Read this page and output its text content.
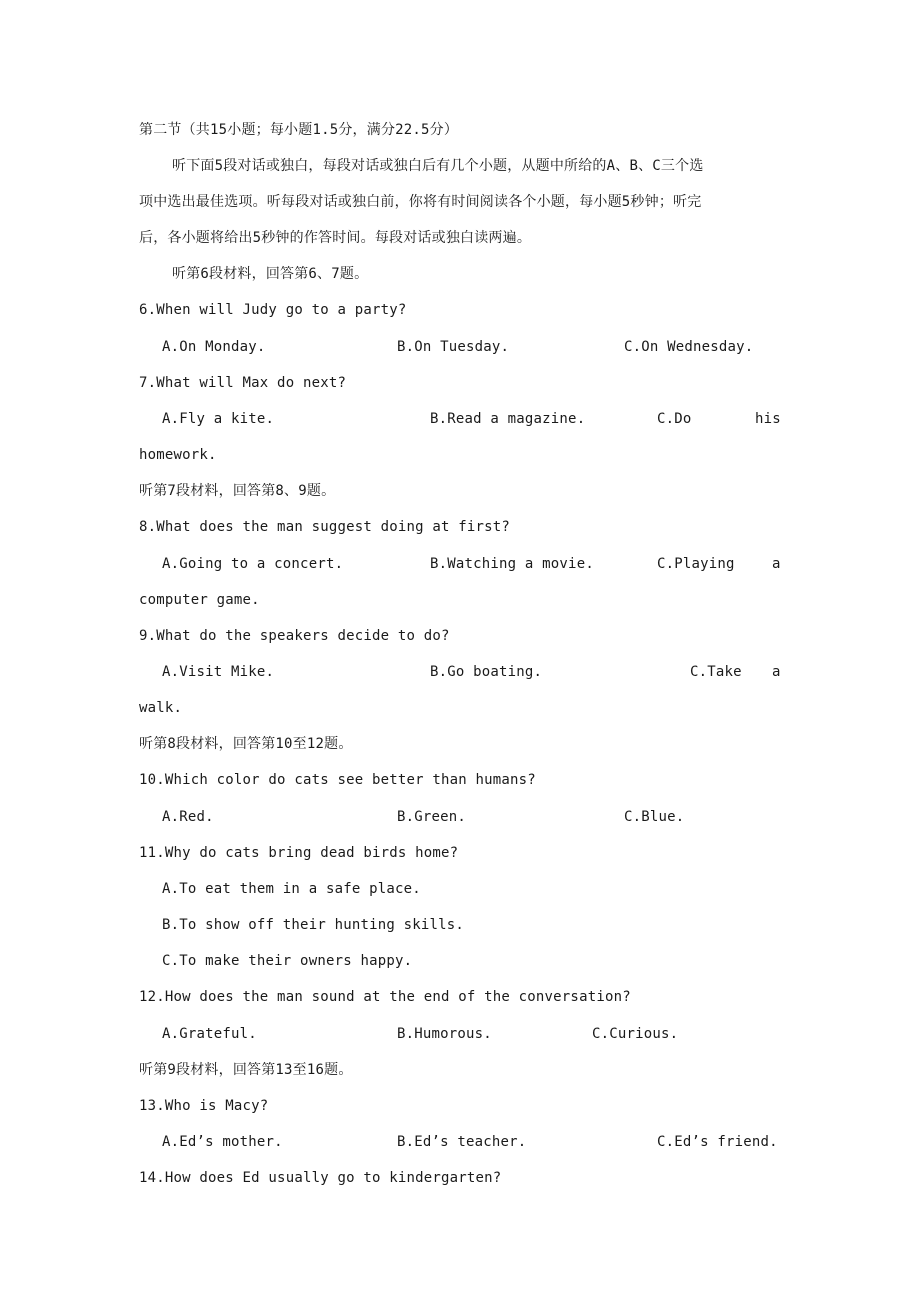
第二节（共15小题；每小题1.5分，满分22.5分）
听下面5段对话或独白，每段对话或独白后有几个小题，从题中所给的A、B、C三个选
项中选出最佳选项。听每段对话或独白前，你将有时间阅读各个小题，每小题5秒钟；听完
后，各小题将给出5秒钟的作答时间。每段对话或独白读两遍。
听第6段材料，回答第6、7题。
6.When will Judy go to a party?
A.On Monday.	B.On Tuesday.	C.On Wednesday.
7.What will Max do next?
A.Fly a kite.	B.Read a magazine.	C.Do	his
homework.
听第7段材料，回答第8、9题。
8.What does the man suggest doing at first?
A.Going to a concert.	B.Watching a movie.	C.Playing	a
computer game.
9.What do the speakers decide to do?
A.Visit Mike.	B.Go boating.	C.Take a
walk.
听第8段材料，回答第10至12题。
10.Which color do cats see better than humans?
A.Red.	B.Green.	C.Blue.
11.Why do cats bring dead birds home?
A.To eat them in a safe place.
B.To show off their hunting skills.
C.To make their owners happy.
12.How does the man sound at the end of the conversation?
A.Grateful.	B.Humorous.	C.Curious.
听第9段材料，回答第13至16题。
13.Who is Macy?
A.Ed’s mother.	B.Ed’s teacher.	C.Ed’s friend.
14.How does Ed usually go to kindergarten?
